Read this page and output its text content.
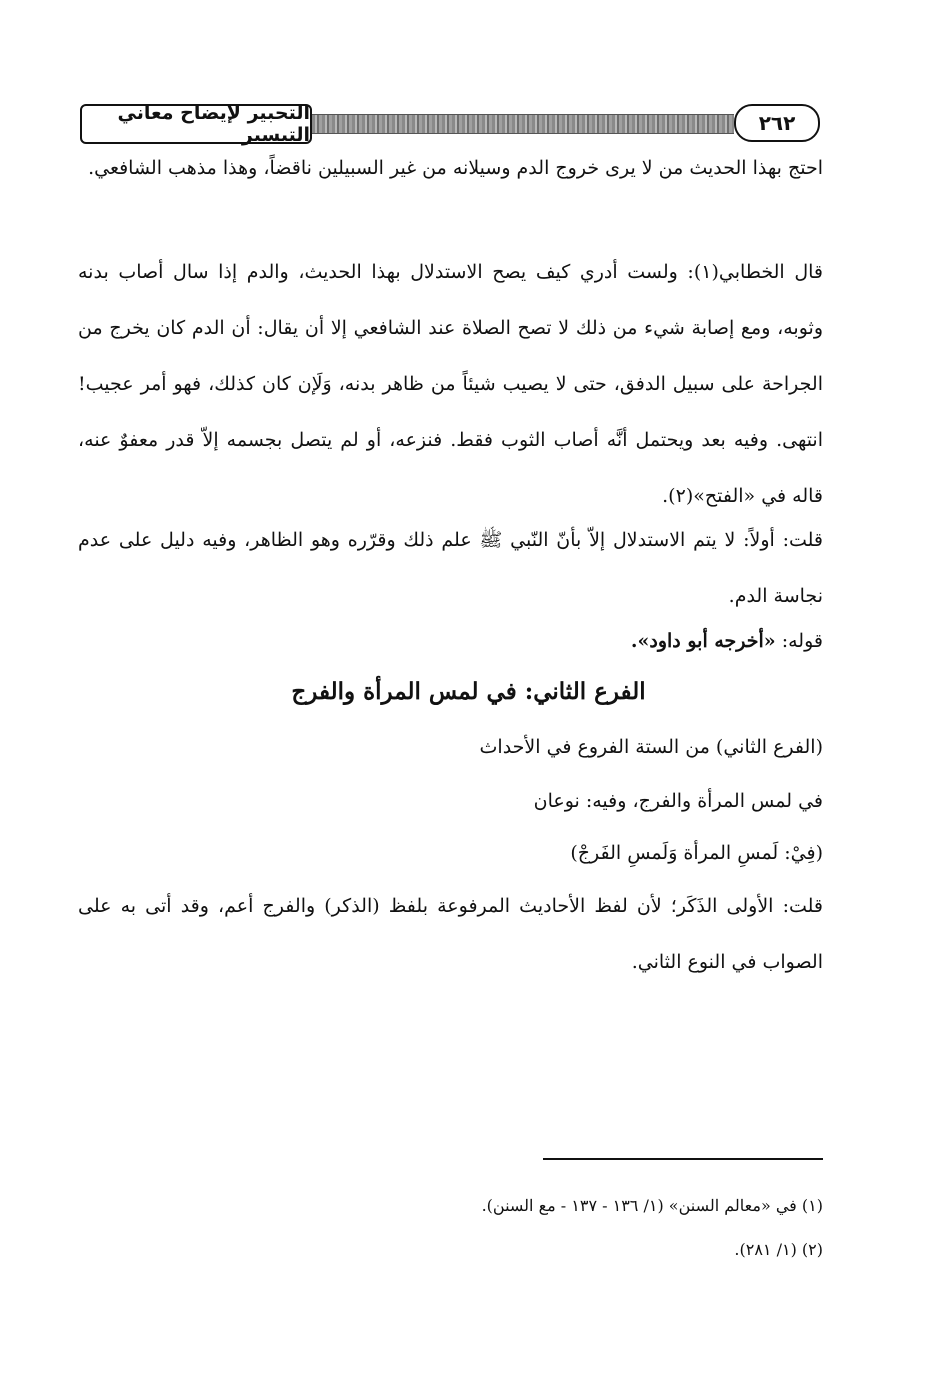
التحبير لإيضاح معاني التيسير	٢٦٢

احتج بهذا الحديث من لا يرى خروج الدم وسيلانه من غير السبيلين ناقضاً، وهذا مذهب الشافعي.

قال الخطابي(١): ولست أدري كيف يصح الاستدلال بهذا الحديث، والدم إذا سال أصاب بدنه وثوبه، ومع إصابة شيء من ذلك لا تصح الصلاة عند الشافعي إلا أن يقال: أن الدم كان يخرج من الجراحة على سبيل الدفق، حتى لا يصيب شيئاً من ظاهر بدنه، وَلَإن كان كذلك، فهو أمر عجيب! انتهى. وفيه بعد ويحتمل أنَّه أصاب الثوب فقط. فنزعه، أو لم يتصل بجسمه إلاّ قدر معفوٌ عنه، قاله في «الفتح»(٢).

قلت: أولاً: لا يتم الاستدلال إلاّ بأنّ النّبي ﷺ علم ذلك وقرّره وهو الظاهر، وفيه دليل على عدم نجاسة الدم.

قوله: «أخرجه أبو داود».
الفرع الثاني: في لمس المرأة والفرج
(الفرع الثاني) من الستة الفروع في الأحداث
في لمس المرأة والفرج، وفيه: نوعان
(فِيْ: لَمسِ المرأة وَلَمسِ الفَرجْ)

قلت: الأولى الذَكَر؛ لأن لفظ الأحاديث المرفوعة بلفظ (الذكر) والفرج أعم، وقد أتى به على الصواب في النوع الثاني.

(١) في «معالم السنن» (١/ ١٣٦ - ١٣٧ - مع السنن).
(٢) (١/ ٢٨١).
